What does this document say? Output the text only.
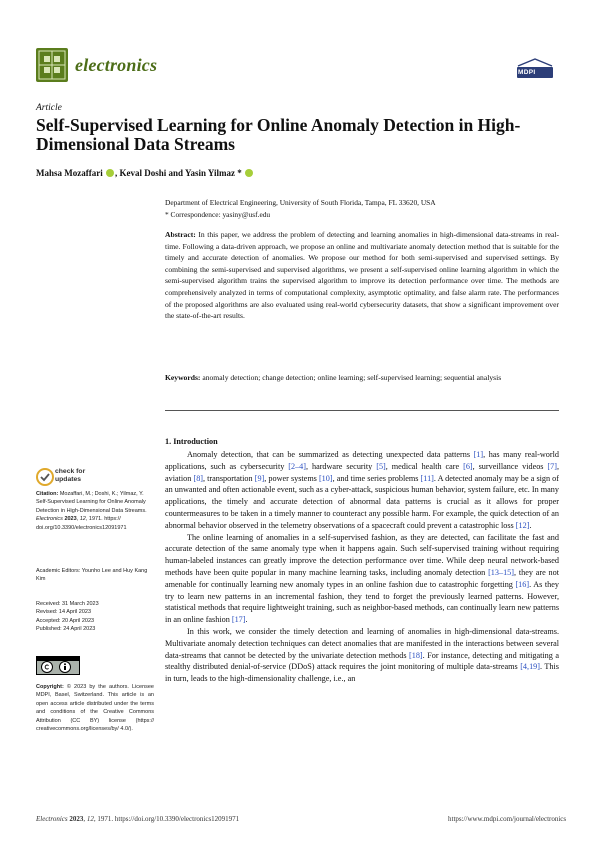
electronics	MDPI
Article
Self-Supervised Learning for Online Anomaly Detection in High-Dimensional Data Streams
Mahsa Mozaffari , Keval Doshi and Yasin Yilmaz *
Department of Electrical Engineering, University of South Florida, Tampa, FL 33620, USA
* Correspondence: yasiny@usf.edu

Abstract: In this paper, we address the problem of detecting and learning anomalies in high-dimensional data-streams in real-time. Following a data-driven approach, we propose an online and multivariate anomaly detection method that is suitable for the timely and accurate detection of anomalies. We propose our method for both semi-supervised and supervised settings. By combining the semi-supervised and supervised algorithms, we present a self-supervised online learning algorithm in which the semi-supervised algorithm trains the supervised algorithm to improve its detection performance over time. The methods are comprehensively analyzed in terms of computational complexity, asymptotic optimality, and false alarm rate. The performances of the proposed algorithms are also evaluated using real-world cybersecurity datasets, that show a significant improvement over the state-of-the-art results.

Keywords: anomaly detection; change detection; online learning; self-supervised learning; sequential analysis

1. Introduction

Anomaly detection, that can be summarized as detecting unexpected data patterns [1], has many real-world applications, such as cybersecurity [2–4], hardware security [5], medical health care [6], surveillance videos [7], aviation [8], transportation [9], power systems [10], and time series problems [11]. A detected anomaly may be a sign of an unwanted and often actionable event, such as a cyber-attack, suspicious human behavior, system failure, etc. In many applications, the timely and accurate detection of abnormal data patterns is crucial as it allows for proper countermeasures to be taken in a timely manner to counteract any possible harm. For example, the quick detection of an abnormal behavior observed in the telemetry observations of a spacecraft could prevent a catastrophic loss [12].

The online learning of anomalies in a self-supervised fashion, as they are detected, can facilitate the fast and accurate detection of the same anomaly type when it happens again. Such self-supervised training without requiring human-labeled instances can greatly improve the detection performance over time. While deep neural network-based methods have been quite popular in many machine learning tasks, including anomaly detection [13–15], they are not amenable for continually learning new anomaly types in an online fashion due to catastrophic forgetting [16]. As they try to learn new patterns in an incremental fashion, they tend to forget the previously learned patterns. However, statistical methods that require lightweight training, such as neighbor-based methods, can continually learn new patterns in an online fashion [17].

In this work, we consider the timely detection and learning of anomalies in high-dimensional data-streams. Multivariate anomaly detection techniques can detect anomalies that are manifested in the interactions between several data-streams that cannot be detected by the univariate detection methods [18]. For instance, detecting and mitigating a stealthy distributed denial-of-service (DDoS) attack requires the joint monitoring of multiple data-streams [4,19]. This in turn, leads to the high-dimensionality challenge, i.e., an

check for
updates
Citation: Mozaffari, M.; Doshi, K.; Yilmaz, Y. Self-Supervised Learning for Online Anomaly Detection in High-Dimensional Data Streams. Electronics 2023, 12, 1971. https:// doi.org/10.3390/electronics12091971
Academic Editors: Younho Lee and Huy Kang Kim
Received: 31 March 2023
Revised: 14 April 2023
Accepted: 20 April 2023
Published: 24 April 2023
Copyright: © 2023 by the authors. Licensee MDPI, Basel, Switzerland. This article is an open access article distributed under the terms and conditions of the Creative Commons Attribution (CC BY) license (https:// creativecommons.org/licenses/by/ 4.0/).
Electronics 2023, 12, 1971. https://doi.org/10.3390/electronics12091971	https://www.mdpi.com/journal/electronics
